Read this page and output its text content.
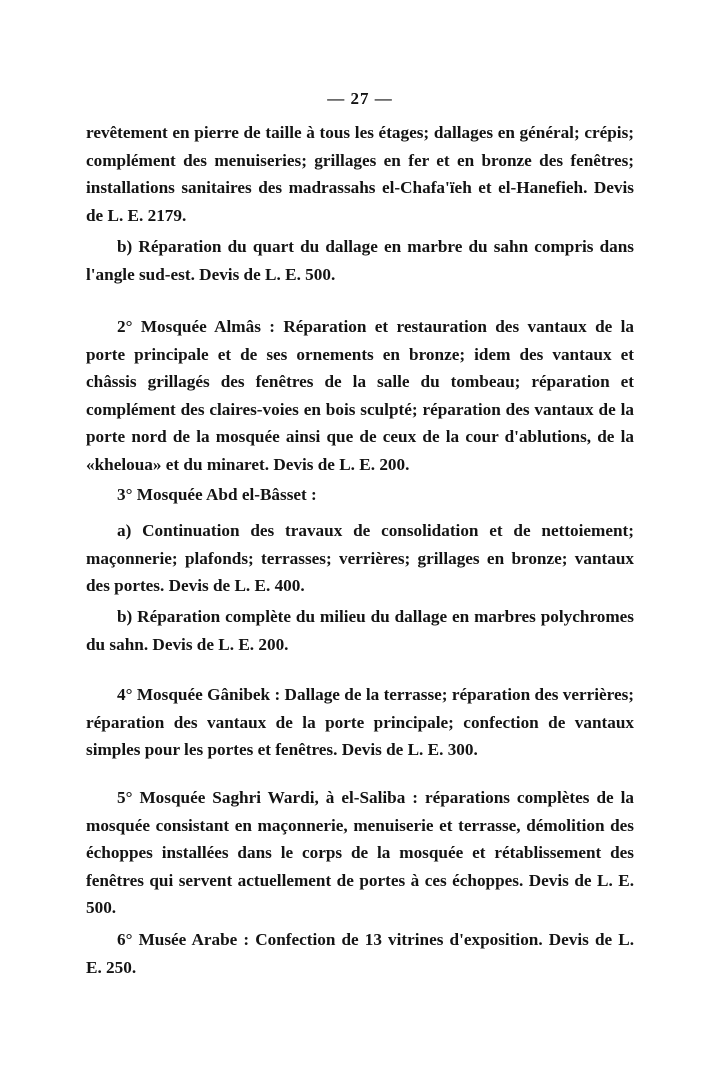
— 27 —

revêtement en pierre de taille à tous les étages; dallages en général; crépis; complément des menuiseries; grillages en fer et en bronze des fenêtres; installations sanitaires des madrassahs el-Chafa'ïeh et el-Hanefieh. Devis de L. E. 2179.

b) Réparation du quart du dallage en marbre du sahn compris dans l'angle sud-est. Devis de L. E. 500.

2° Mosquée Almâs : Réparation et restauration des vantaux de la porte principale et de ses ornements en bronze; idem des vantaux et châssis grillagés des fenêtres de la salle du tombeau; réparation et complément des claires-voies en bois sculpté; réparation des vantaux de la porte nord de la mosquée ainsi que de ceux de la cour d'ablutions, de la «kheloua» et du minaret. Devis de L. E. 200.

3° Mosquée Abd el-Bâsset :

a) Continuation des travaux de consolidation et de nettoiement; maçonnerie; plafonds; terrasses; verrières; grillages en bronze; vantaux des portes. Devis de L. E. 400.

b) Réparation complète du milieu du dallage en marbres polychromes du sahn. Devis de L. E. 200.

4° Mosquée Gânibek : Dallage de la terrasse; réparation des verrières; réparation des vantaux de la porte principale; confection de vantaux simples pour les portes et fenêtres. Devis de L. E. 300.

5° Mosquée Saghri Wardi, à el-Saliba : réparations complètes de la mosquée consistant en maçonnerie, menuiserie et terrasse, démolition des échoppes installées dans le corps de la mosquée et rétablissement des fenêtres qui servent actuellement de portes à ces échoppes. Devis de L. E. 500.

6° Musée Arabe : Confection de 13 vitrines d'exposition. Devis de L. E. 250.
